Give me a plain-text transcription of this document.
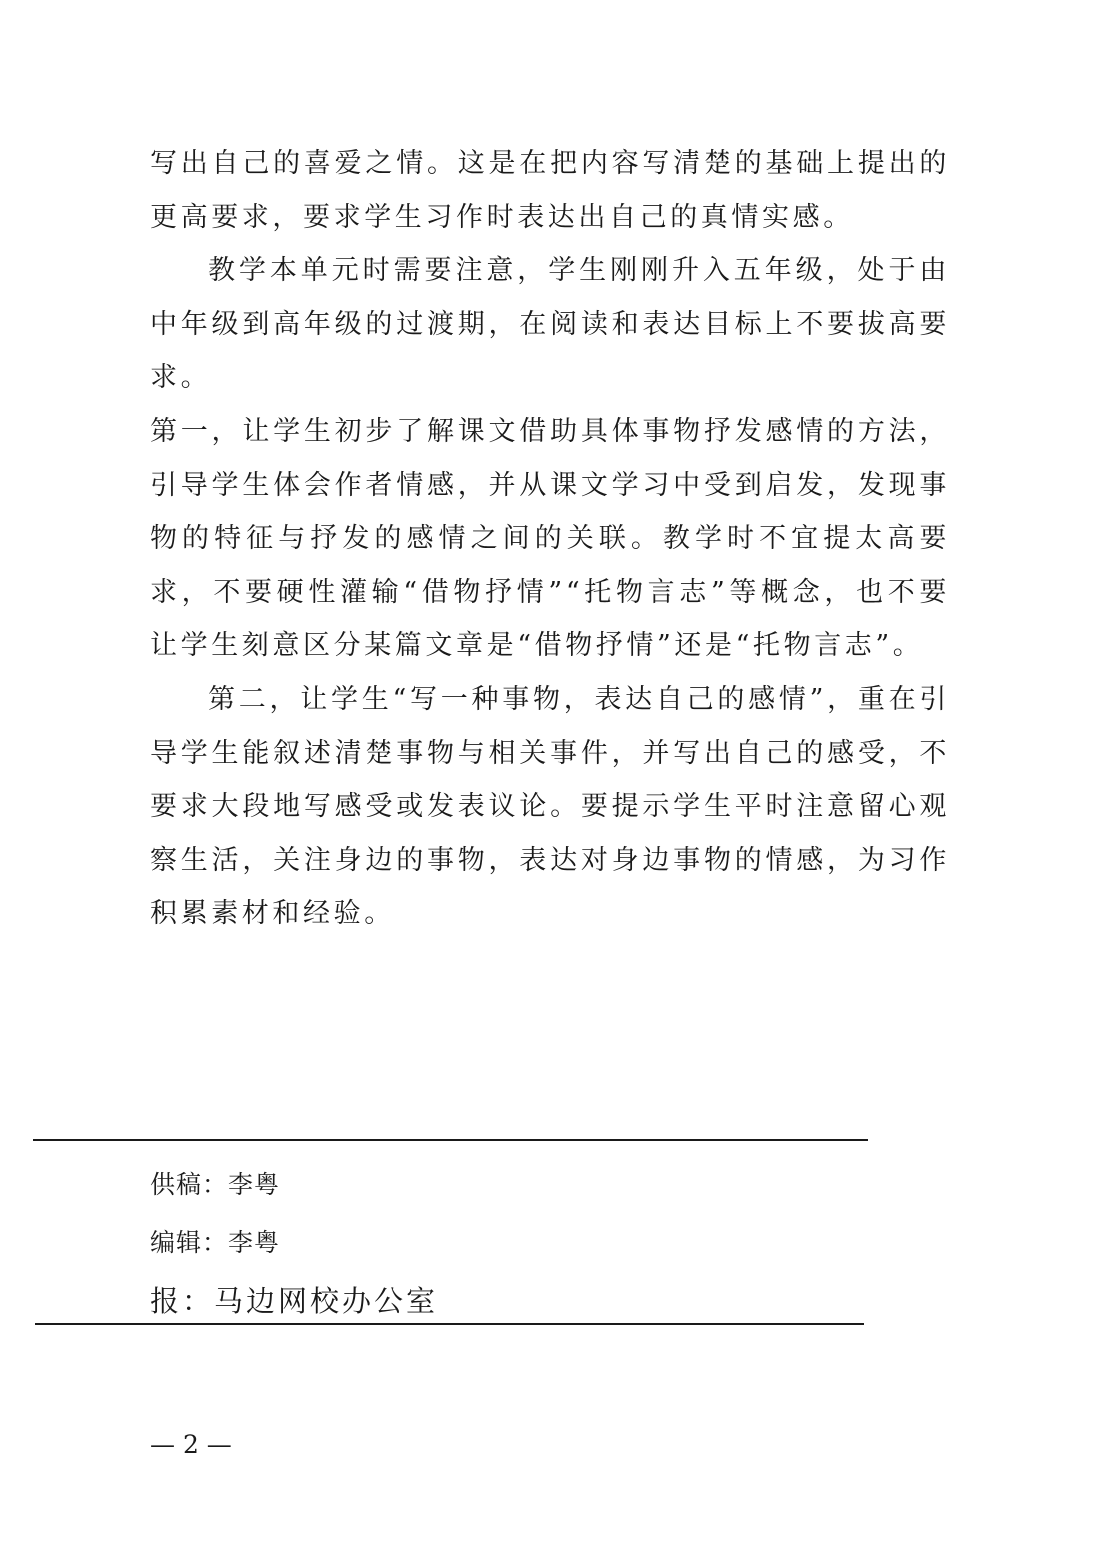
写出自己的喜爱之情。这是在把内容写清楚的基础上提出的更高要求，要求学生习作时表达出自己的真情实感。

教学本单元时需要注意，学生刚刚升入五年级，处于由中年级到高年级的过渡期，在阅读和表达目标上不要拔高要求。

第一，让学生初步了解课文借助具体事物抒发感情的方法，引导学生体会作者情感，并从课文学习中受到启发，发现事物的特征与抒发的感情之间的关联。教学时不宜提太高要求，不要硬性灌输“借物抒情”“托物言志”等概念，也不要让学生刻意区分某篇文章是“借物抒情”还是“托物言志”。

第二，让学生“写一种事物，表达自己的感情”，重在引导学生能叙述清楚事物与相关事件，并写出自己的感受，不要求大段地写感受或发表议论。要提示学生平时注意留心观察生活，关注身边的事物，表达对身边事物的情感，为习作积累素材和经验。

供稿：李粤
编辑：李粤
报：马边网校办公室
— 2 —
